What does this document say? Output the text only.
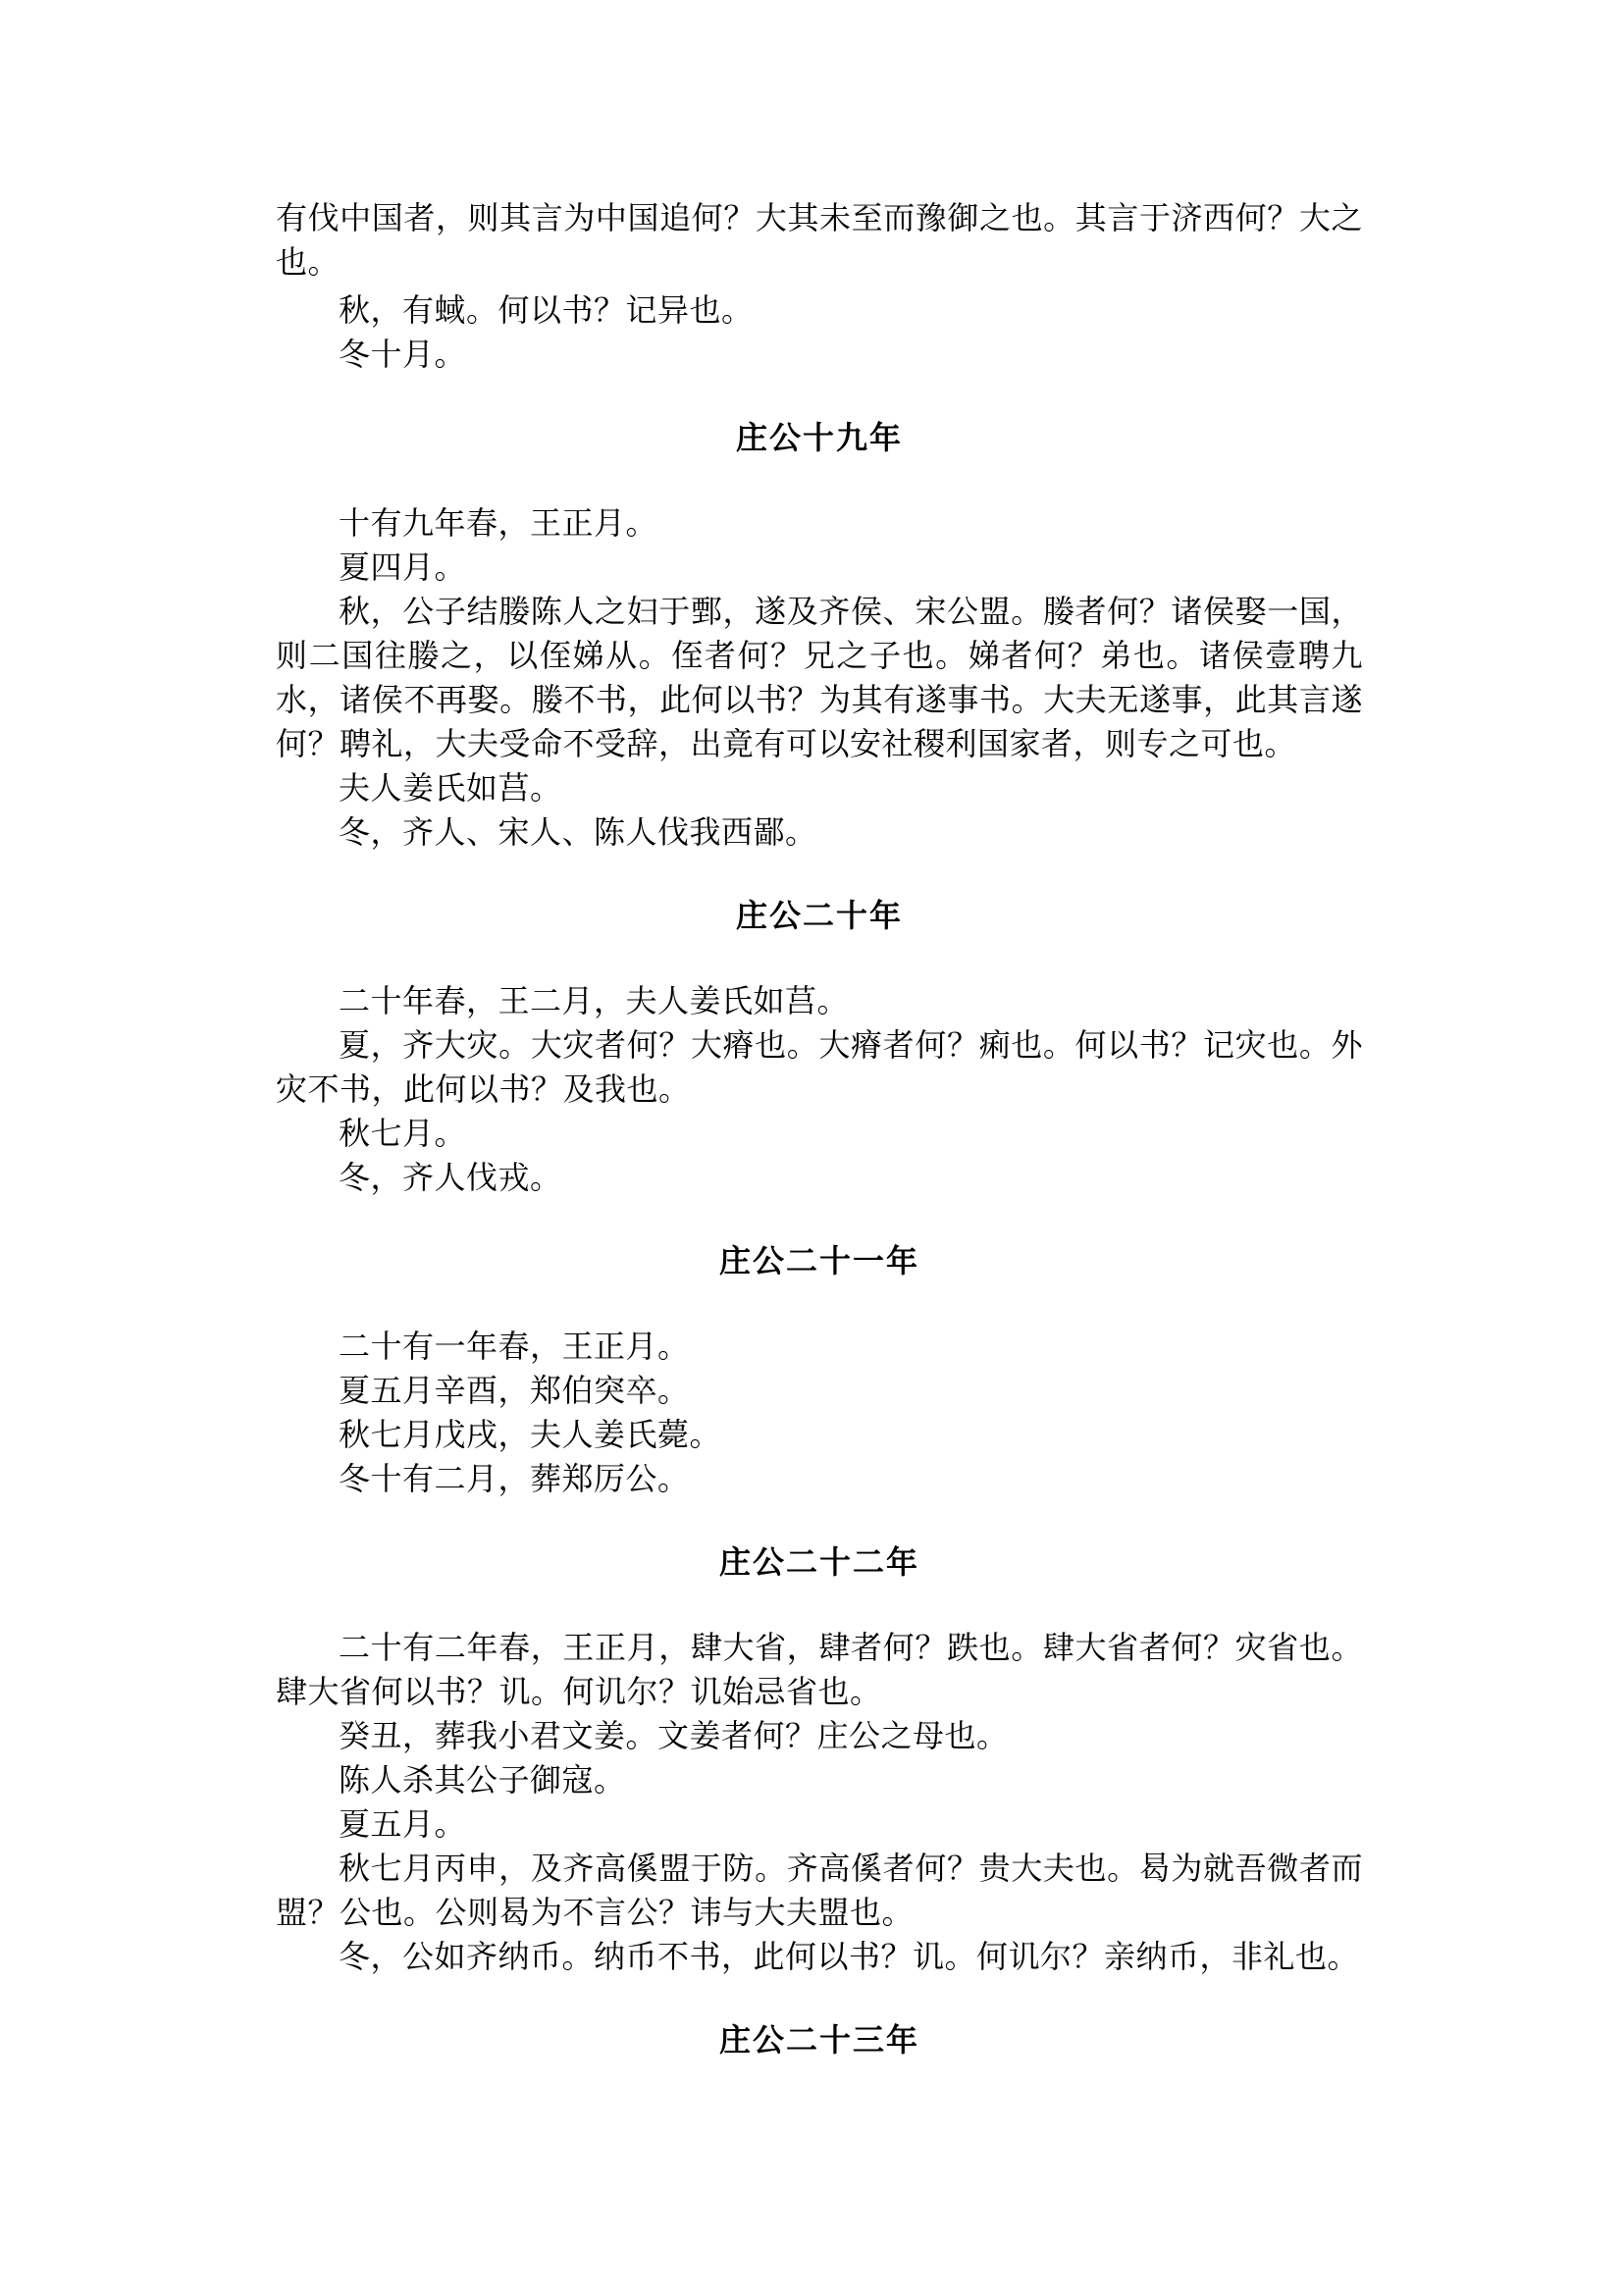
有伐中国者，则其言为中国追何？大其未至而豫御之也。其言于济西何？大之也。

秋，有蜮。何以书？记异也。

冬十月。

庄公十九年

十有九年春，王正月。

夏四月。

秋，公子结媵陈人之妇于鄄，遂及齐侯、宋公盟。媵者何？诸侯娶一国，则二国往媵之，以侄娣从。侄者何？兄之子也。娣者何？弟也。诸侯壹聘九水，诸侯不再娶。媵不书，此何以书？为其有遂事书。大夫无遂事，此其言遂何？聘礼，大夫受命不受辞，出竟有可以安社稷利国家者，则专之可也。

夫人姜氏如莒。

冬，齐人、宋人、陈人伐我西鄙。

庄公二十年

二十年春，王二月，夫人姜氏如莒。

夏，齐大灾。大灾者何？大瘠也。大瘠者何？痢也。何以书？记灾也。外灾不书，此何以书？及我也。

秋七月。

冬，齐人伐戎。

庄公二十一年

二十有一年春，王正月。

夏五月辛酉，郑伯突卒。

秋七月戊戌，夫人姜氏薨。

冬十有二月，葬郑厉公。

庄公二十二年

二十有二年春，王正月，肆大省，肆者何？跌也。肆大省者何？灾省也。肆大省何以书？讥。何讥尔？讥始忌省也。

癸丑，葬我小君文姜。文姜者何？庄公之母也。

陈人杀其公子御寇。

夏五月。

秋七月丙申，及齐高傒盟于防。齐高傒者何？贵大夫也。曷为就吾微者而盟？公也。公则曷为不言公？讳与大夫盟也。

冬，公如齐纳币。纳币不书，此何以书？讥。何讥尔？亲纳币，非礼也。

庄公二十三年
